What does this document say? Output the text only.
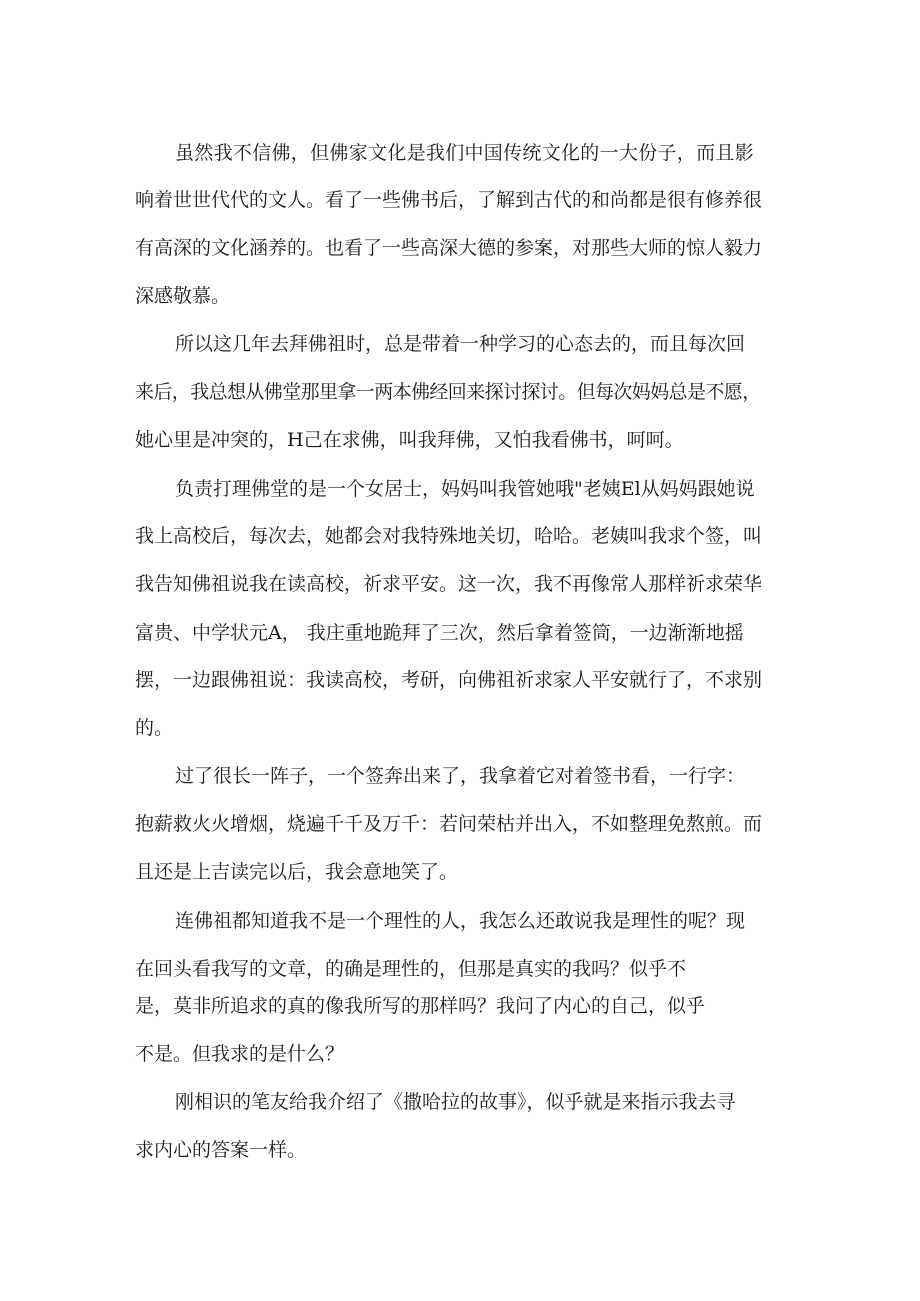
虽然我不信佛，但佛家文化是我们中国传统文化的一大份子，而且影
响着世世代代的文人。看了一些佛书后，了解到古代的和尚都是很有修养很
有高深的文化涵养的。也看了一些高深大德的参案，对那些大师的惊人毅力
深感敬慕。
所以这几年去拜佛祖时，总是带着一种学习的心态去的，而且每次回
来后，我总想从佛堂那里拿一两本佛经回来探讨探讨。但每次妈妈总是不愿，
她心里是冲突的，H己在求佛，叫我拜佛，又怕我看佛书，呵呵。
负责打理佛堂的是一个女居士，妈妈叫我管她哦"老姨El从妈妈跟她说
我上高校后，每次去，她都会对我特殊地关切，哈哈。老姨叫我求个签，叫
我告知佛祖说我在读高校，祈求平安。这一次，我不再像常人那样祈求荣华
富贵、中学状元A， 我庄重地跪拜了三次，然后拿着签筒，一边渐渐地摇
摆，一边跟佛祖说：我读高校，考研，向佛祖祈求家人平安就行了，不求别
的。
过了很长一阵子，一个签奔出来了，我拿着它对着签书看，一行字：
抱薪救火火增烟，烧遍千千及万千：若问荣枯并出入，不如整理免熬煎。而
且还是上吉读完以后，我会意地笑了。
连佛祖都知道我不是一个理性的人，我怎么还敢说我是理性的呢？现
在回头看我写的文章，的确是理性的，但那是真实的我吗？似乎不
是，莫非所追求的真的像我所写的那样吗？我问了内心的自己，似乎
不是。但我求的是什么？
刚相识的笔友给我介绍了《撒哈拉的故事》，似乎就是来指示我去寻
求内心的答案一样。
